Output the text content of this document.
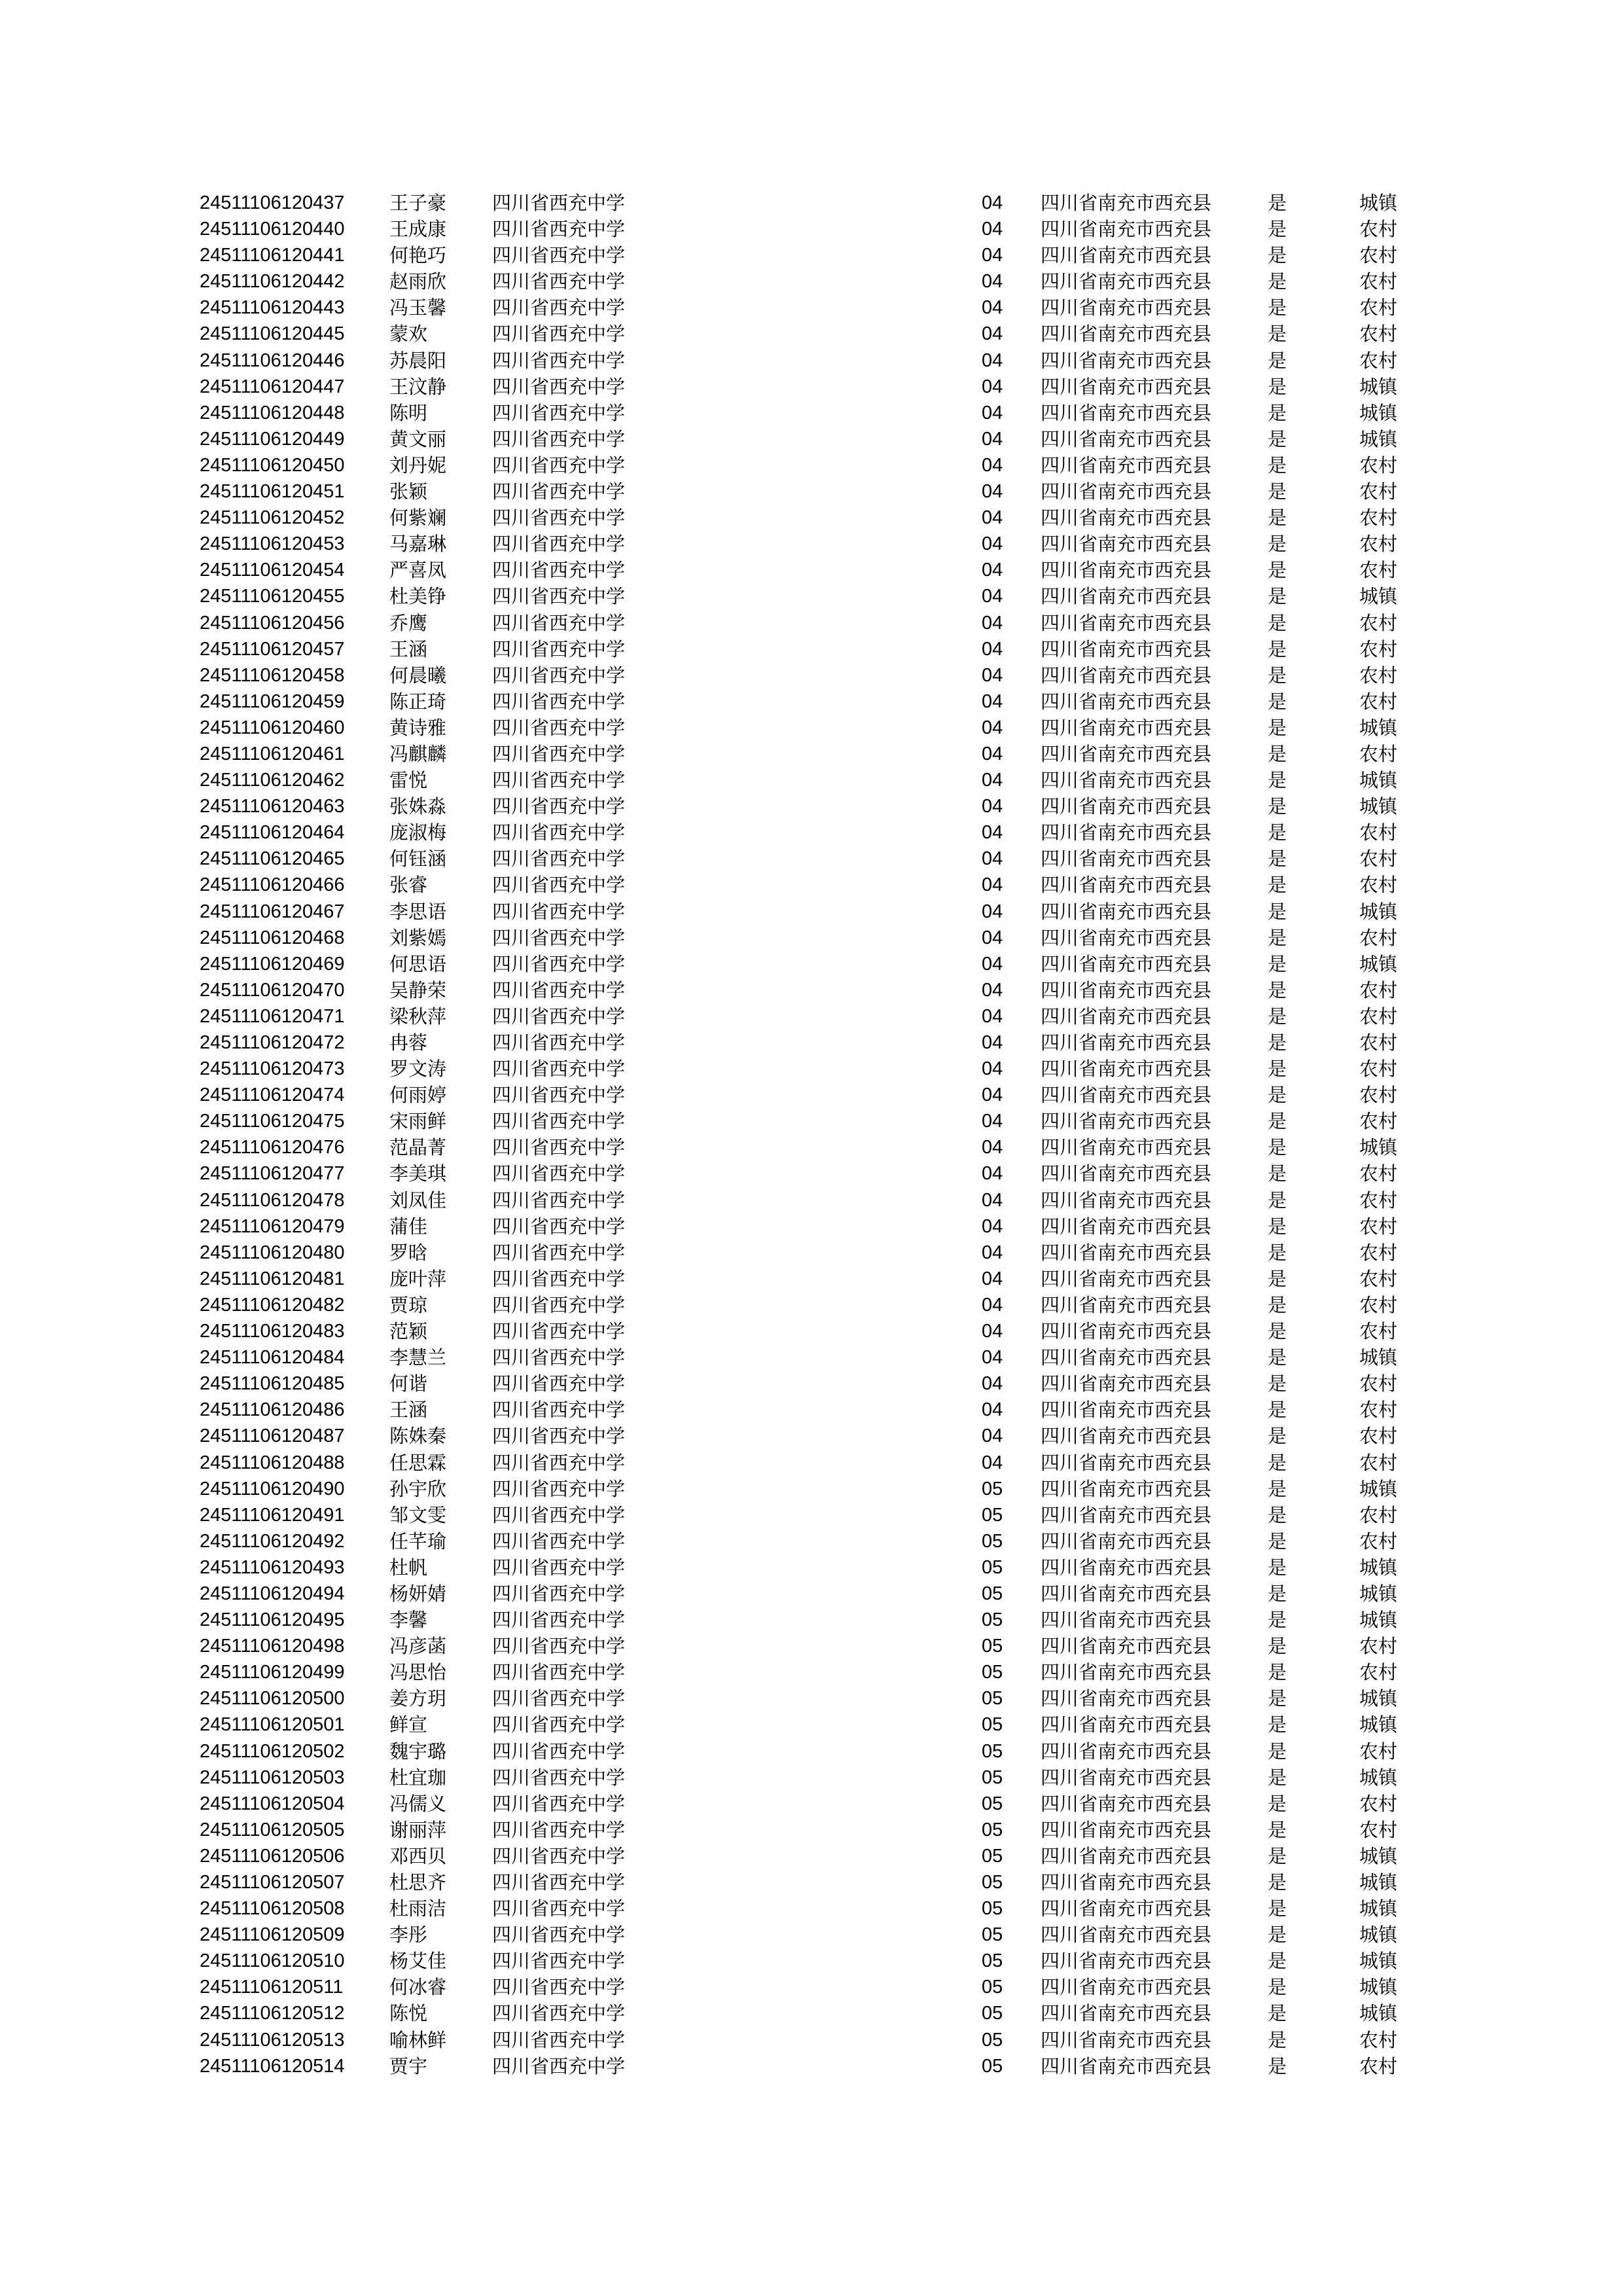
24511106120437 王子豪 四川省西充中学	04 四川省南充市西充县	是	城镇
24511106120440 王成康 四川省西充中学	04 四川省南充市西充县	是	农村
24511106120441 何艳巧 四川省西充中学	04 四川省南充市西充县	是	农村
24511106120442 赵雨欣 四川省西充中学	04 四川省南充市西充县	是	农村
24511106120443 冯玉馨 四川省西充中学	04 四川省南充市西充县	是	农村
24511106120445 蒙欢	四川省西充中学	04 四川省南充市西充县	是	农村
24511106120446 苏晨阳 四川省西充中学	04 四川省南充市西充县	是	农村
24511106120447 王汶静 四川省西充中学	04 四川省南充市西充县	是	城镇
24511106120448 陈明	四川省西充中学	04 四川省南充市西充县	是	城镇
24511106120449 黄文丽 四川省西充中学	04 四川省南充市西充县	是	城镇
24511106120450 刘丹妮 四川省西充中学	04 四川省南充市西充县	是	农村
24511106120451 张颖	四川省西充中学	04 四川省南充市西充县	是	农村
24511106120452 何紫斓 四川省西充中学	04 四川省南充市西充县	是	农村
24511106120453 马嘉琳 四川省西充中学	04 四川省南充市西充县	是	农村
24511106120454 严喜凤 四川省西充中学	04 四川省南充市西充县	是	农村
24511106120455 杜美铮 四川省西充中学	04 四川省南充市西充县	是	城镇
24511106120456 乔鹰	四川省西充中学	04 四川省南充市西充县	是	农村
24511106120457 王涵	四川省西充中学	04 四川省南充市西充县	是	农村
24511106120458 何晨曦 四川省西充中学	04 四川省南充市西充县	是	农村
24511106120459 陈正琦 四川省西充中学	04 四川省南充市西充县	是	农村
24511106120460 黄诗雅 四川省西充中学	04 四川省南充市西充县	是	城镇
24511106120461 冯麒麟 四川省西充中学	04 四川省南充市西充县	是	农村
24511106120462 雷悦	四川省西充中学	04 四川省南充市西充县	是	城镇
24511106120463 张姝淼 四川省西充中学	04 四川省南充市西充县	是	城镇
24511106120464 庞淑梅 四川省西充中学	04 四川省南充市西充县	是	农村
24511106120465 何钰涵 四川省西充中学	04 四川省南充市西充县	是	农村
24511106120466 张睿	四川省西充中学	04 四川省南充市西充县	是	农村
24511106120467 李思语 四川省西充中学	04 四川省南充市西充县	是	城镇
24511106120468 刘紫嫣 四川省西充中学	04 四川省南充市西充县	是	农村
24511106120469 何思语 四川省西充中学	04 四川省南充市西充县	是	城镇
24511106120470 吴静荣 四川省西充中学	04 四川省南充市西充县	是	农村
24511106120471 梁秋萍 四川省西充中学	04 四川省南充市西充县	是	农村
24511106120472 冉蓉	四川省西充中学	04 四川省南充市西充县	是	农村
24511106120473 罗文涛 四川省西充中学	04 四川省南充市西充县	是	农村
24511106120474 何雨婷 四川省西充中学	04 四川省南充市西充县	是	农村
24511106120475 宋雨鲜 四川省西充中学	04 四川省南充市西充县	是	农村
24511106120476 范晶菁 四川省西充中学	04 四川省南充市西充县	是	城镇
24511106120477 李美琪 四川省西充中学	04 四川省南充市西充县	是	农村
24511106120478 刘凤佳 四川省西充中学	04 四川省南充市西充县	是	农村
24511106120479 蒲佳	四川省西充中学	04 四川省南充市西充县	是	农村
24511106120480 罗晗	四川省西充中学	04 四川省南充市西充县	是	农村
24511106120481 庞叶萍 四川省西充中学	04 四川省南充市西充县	是	农村
24511106120482 贾琼	四川省西充中学	04 四川省南充市西充县	是	农村
24511106120483 范颖	四川省西充中学	04 四川省南充市西充县	是	农村
24511106120484 李慧兰 四川省西充中学	04 四川省南充市西充县	是	城镇
24511106120485 何谐	四川省西充中学	04 四川省南充市西充县	是	农村
24511106120486 王涵	四川省西充中学	04 四川省南充市西充县	是	农村
24511106120487 陈姝秦 四川省西充中学	04 四川省南充市西充县	是	农村
24511106120488 任思霖 四川省西充中学	04 四川省南充市西充县	是	农村
24511106120490 孙宇欣 四川省西充中学	05 四川省南充市西充县	是	城镇
24511106120491 邹文雯 四川省西充中学	05 四川省南充市西充县	是	农村
24511106120492 任芊瑜 四川省西充中学	05 四川省南充市西充县	是	农村
24511106120493 杜帆	四川省西充中学	05 四川省南充市西充县	是	城镇
24511106120494 杨妍婧 四川省西充中学	05 四川省南充市西充县	是	城镇
24511106120495 李馨	四川省西充中学	05 四川省南充市西充县	是	城镇
24511106120498 冯彦菡 四川省西充中学	05 四川省南充市西充县	是	农村
24511106120499 冯思怡 四川省西充中学	05 四川省南充市西充县	是	农村
24511106120500 姜方玥 四川省西充中学	05 四川省南充市西充县	是	城镇
24511106120501 鲜宣	四川省西充中学	05 四川省南充市西充县	是	城镇
24511106120502 魏宇璐 四川省西充中学	05 四川省南充市西充县	是	农村
24511106120503 杜宜珈 四川省西充中学	05 四川省南充市西充县	是	城镇
24511106120504 冯儒义 四川省西充中学	05 四川省南充市西充县	是	农村
24511106120505 谢丽萍 四川省西充中学	05 四川省南充市西充县	是	农村
24511106120506 邓西贝 四川省西充中学	05 四川省南充市西充县	是	城镇
24511106120507 杜思齐 四川省西充中学	05 四川省南充市西充县	是	城镇
24511106120508 杜雨洁 四川省西充中学	05 四川省南充市西充县	是	城镇
24511106120509 李彤	四川省西充中学	05 四川省南充市西充县	是	城镇
24511106120510 杨艾佳 四川省西充中学	05 四川省南充市西充县	是	城镇
24511106120511 何冰睿 四川省西充中学	05 四川省南充市西充县	是	城镇
24511106120512 陈悦	四川省西充中学	05 四川省南充市西充县	是	城镇
24511106120513 喻林鲜 四川省西充中学	05 四川省南充市西充县	是	农村
24511106120514 贾宇	四川省西充中学	05 四川省南充市西充县	是	农村
